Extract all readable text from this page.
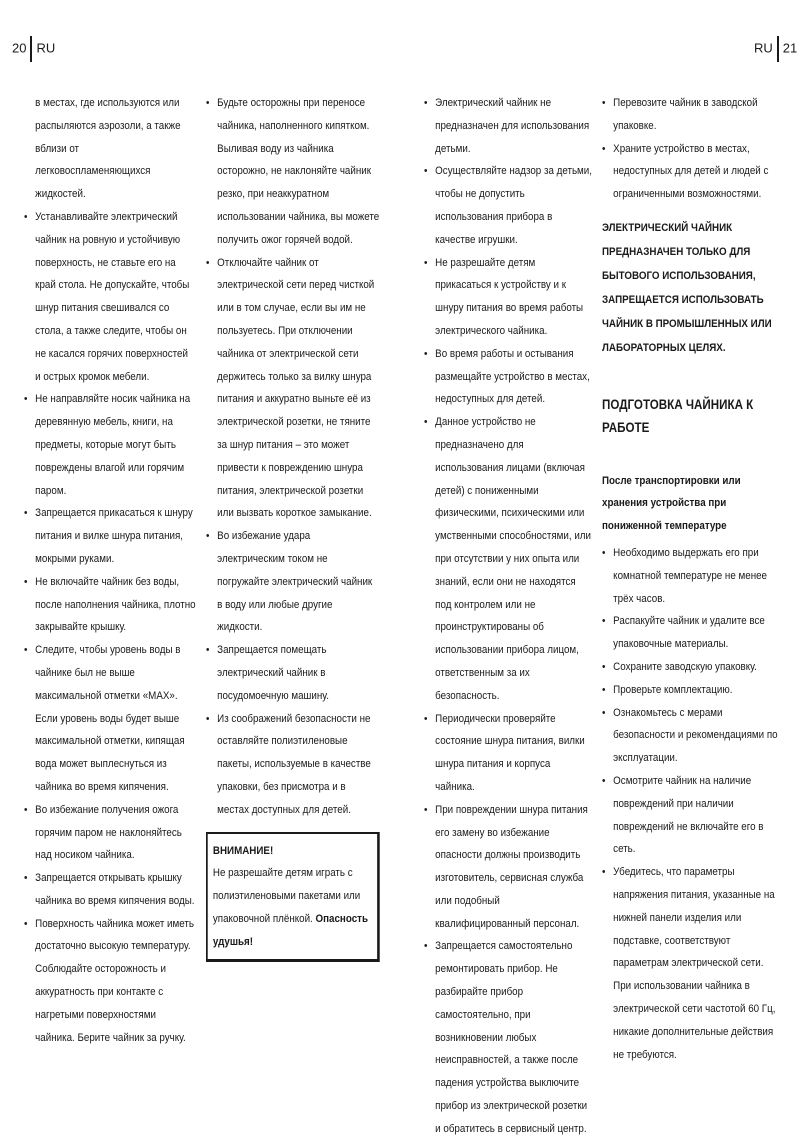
20 RU	RU 21

в местах, где используются или распыляются аэрозоли, а также вблизи от легковоспламеняющихся жидкостей.

• Устанавливайте электрический чайник на ровную и устойчивую поверхность, не ставьте его на край стола. Не допускайте, чтобы шнур питания свешивался со стола, а также следите, чтобы он не касался горячих поверхностей и острых кромок мебели.
• Не направляйте носик чайника на деревянную мебель, книги, на предметы, которые могут быть повреждены влагой или горячим паром.
• Запрещается прикасаться к шнуру питания и вилке шнура питания, мокрыми руками.
• Не включайте чайник без воды, после наполнения чайника, плотно закрывайте крышку.
• Следите, чтобы уровень воды в чайнике был не выше максимальной отметки «MAX». Если уровень воды будет выше максимальной отметки, кипящая вода может выплеснуться из чайника во время кипячения.
• Во избежание получения ожога горячим паром не наклоняйтесь над носиком чайника.
• Запрещается открывать крышку чайника во время кипячения воды.
• Поверхность чайника может иметь достаточно высокую температуру. Соблюдайте осторожность и аккуратность при контакте с нагретыми поверхностями чайника. Берите чайник за ручку.
• Будьте осторожны при переносе чайника, наполненного кипятком. Выливая воду из чайника осторожно, не наклоняйте чайник резко, при неаккуратном использовании чайника, вы можете получить ожог горячей водой.
• Отключайте чайник от электрической сети перед чисткой или в том случае, если вы им не пользуетесь. При отключении чайника от электрической сети держитесь только за вилку шнура питания и аккуратно выньте её из электрической розетки, не тяните за шнур питания – это может привести к повреждению шнура питания, электрической розетки или вызвать короткое замыкание.
• Во избежание удара электрическим током не погружайте электрический чайник в воду или любые другие жидкости.
• Запрещается помещать электрический чайник в посудомоечную машину.
• Из соображений безопасности не оставляйте полиэтиленовые пакеты, используемые в качестве упаковки, без присмотра и в местах доступных для детей.

ВНИМАНИЕ!

Не разрешайте детям играть с полиэтиленовыми пакетами или упаковочной плёнкой. Опасность удушья!

• Электрический чайник не предназначен для использования детьми.
• Осуществляйте надзор за детьми, чтобы не допустить использования прибора в качестве игрушки.
• Не разрешайте детям прикасаться к устройству и к шнуру питания во время работы электрического чайника.
• Во время работы и остывания размещайте устройство в местах, недоступных для детей.
• Данное устройство не предназначено для использования лицами (включая детей) с пониженными физическими, психическими или умственными способностями, или при отсутствии у них опыта или знаний, если они не находятся под контролем или не проинструктированы об использовании прибора лицом, ответственным за их безопасность.
• Периодически проверяйте состояние шнура питания, вилки шнура питания и корпуса чайника.
• При повреждении шнура питания его замену во избежание опасности должны производить изготовитель, сервисная служба или подобный квалифицированный персонал.
• Запрещается самостоятельно ремонтировать прибор. Не разбирайте прибор самостоятельно, при возникновении любых неисправностей, а также после падения устройства выключите прибор из электрической розетки и обратитесь в сервисный центр.
• Перевозите чайник в заводской упаковке.
• Храните устройство в местах, недоступных для детей и людей с ограниченными возможностями.

ЭЛЕКТРИЧЕСКИЙ ЧАЙНИК ПРЕДНАЗНАЧЕН ТОЛЬКО ДЛЯ БЫТОВОГО ИСПОЛЬЗОВАНИЯ, ЗАПРЕЩАЕТСЯ ИСПОЛЬЗОВАТЬ ЧАЙНИК В ПРОМЫШЛЕННЫХ ИЛИ ЛАБОРАТОРНЫХ ЦЕЛЯХ.

ПОДГОТОВКА ЧАЙНИКА К РАБОТЕ

После транспортировки или хранения устройства при пониженной температуре

• Необходимо выдержать его при комнатной температуре не менее трёх часов.
• Распакуйте чайник и удалите все упаковочные материалы.
• Сохраните заводскую упаковку.
• Проверьте комплектацию.
• Ознакомьтесь с мерами безопасности и рекомендациями по эксплуатации.
• Осмотрите чайник на наличие повреждений при наличии повреждений не включайте его в сеть.
• Убедитесь, что параметры напряжения питания, указанные на нижней панели изделия или подставке, соответствуют параметрам электрической сети. При использовании чайника в электрической сети частотой 60 Гц, никакие дополнительные действия не требуются.
